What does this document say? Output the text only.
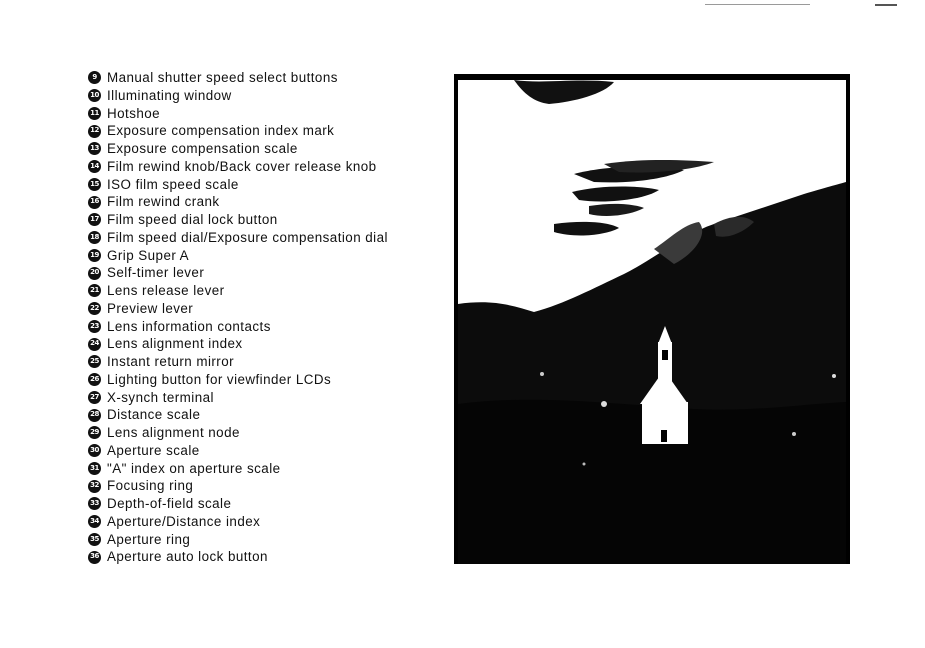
9 Manual shutter speed select buttons
10 Illuminating window
11 Hotshoe
12 Exposure compensation index mark
13 Exposure compensation scale
14 Film rewind knob/Back cover release knob
15 ISO film speed scale
16 Film rewind crank
17 Film speed dial lock button
18 Film speed dial/Exposure compensation dial
19 Grip Super A
20 Self-timer lever
21 Lens release lever
22 Preview lever
23 Lens information contacts
24 Lens alignment index
25 Instant return mirror
26 Lighting button for viewfinder LCDs
27 X-synch terminal
28 Distance scale
29 Lens alignment node
30 Aperture scale
31 "A" index on aperture scale
32 Focusing ring
33 Depth-of-field scale
34 Aperture/Distance index
35 Aperture ring
36 Aperture auto lock button
